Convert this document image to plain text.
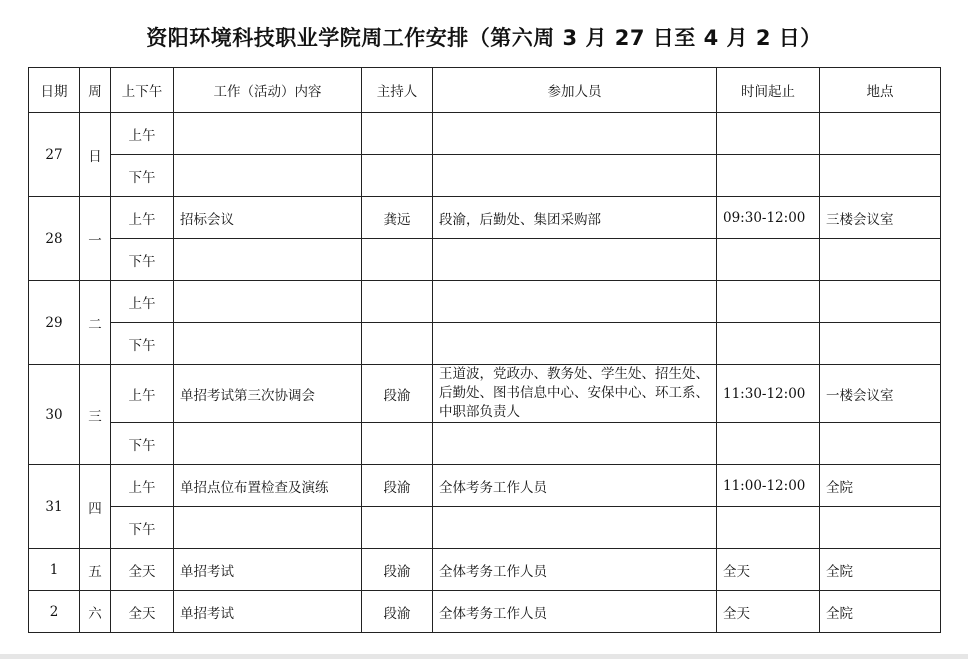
资阳环境科技职业学院周工作安排（第六周 3 月 27 日至 4 月 2 日）
日期	周	上下午	工作（活动）内容	主持人	参加人员	时间起止	地点
27	日	上午					
		下午					
28	一	上午	招标会议	龚远	段渝，后勤处、集团采购部	09:30-12:00	三楼会议室
		下午					
29	二	上午					
		下午					
30	三	上午	单招考试第三次协调会	段渝	王道波，党政办、教务处、学生处、招生处、后勤处、图书信息中心、安保中心、环工系、中职部负责人	11:30-12:00	一楼会议室
		下午					
31	四	上午	单招点位布置检查及演练	段渝	全体考务工作人员	11:00-12:00	全院
		下午					
1	五	全天	单招考试	段渝	全体考务工作人员	全天	全院
2	六	全天	单招考试	段渝	全体考务工作人员	全天	全院
